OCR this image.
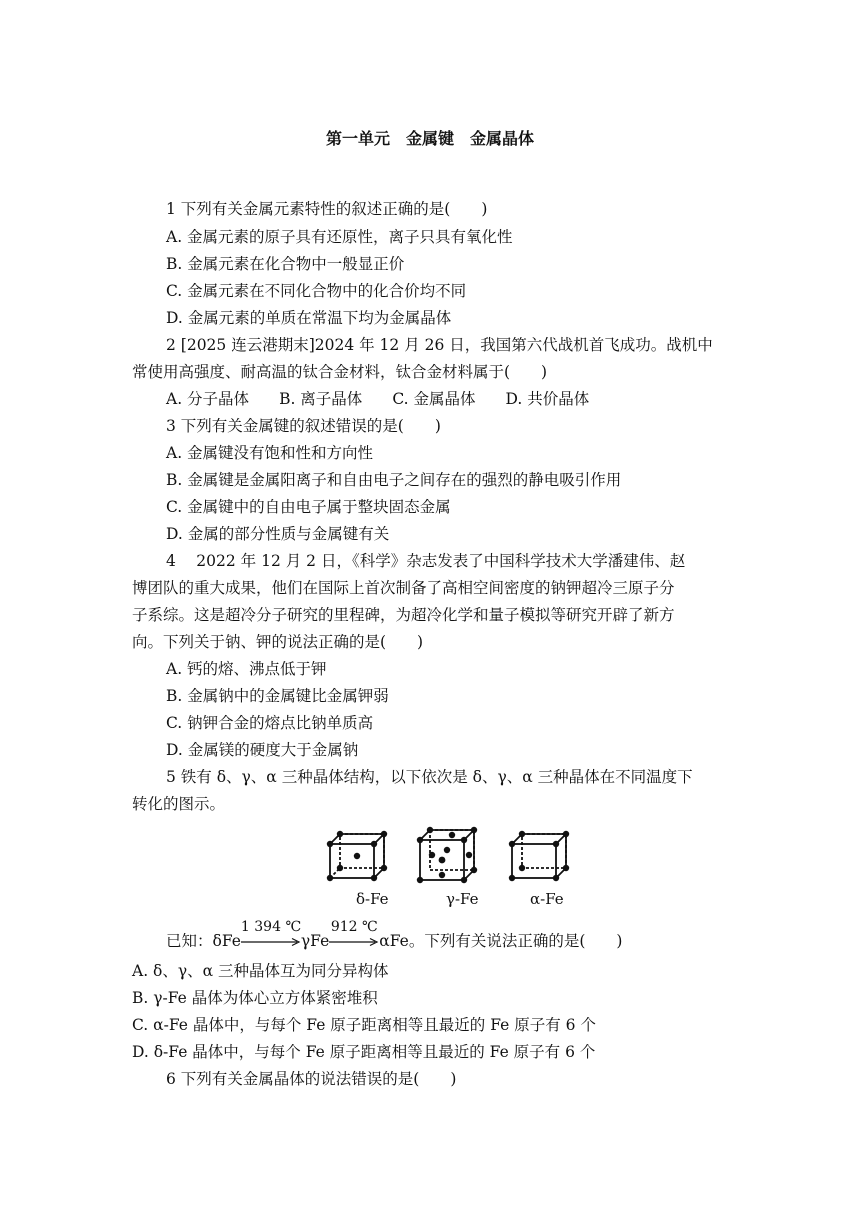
第一单元　金属键　金属晶体
1 下列有关金属元素特性的叙述正确的是(　　)
A. 金属元素的原子具有还原性，离子只具有氧化性
B. 金属元素在化合物中一般显正价
C. 金属元素在不同化合物中的化合价均不同
D. 金属元素的单质在常温下均为金属晶体
2 [2025 连云港期末]2024 年 12 月 26 日，我国第六代战机首飞成功。战机中
常使用高强度、耐高温的钛合金材料，钛合金材料属于(　　)
A. 分子晶体 B. 离子晶体 C. 金属晶体 D. 共价晶体
3 下列有关金属键的叙述错误的是(　　)
A. 金属键没有饱和性和方向性
B. 金属键是金属阳离子和自由电子之间存在的强烈的静电吸引作用
C. 金属键中的自由电子属于整块固态金属
D. 金属的部分性质与金属键有关
4　 2022 年 12 月 2 日，《科学》杂志发表了中国科学技术大学潘建伟、赵
博团队的重大成果，他们在国际上首次制备了高相空间密度的钠钾超冷三原子分
子系综。这是超冷分子研究的里程碑，为超冷化学和量子模拟等研究开辟了新方
向。下列关于钠、钾的说法正确的是(　　)
A. 钙的熔、沸点低于钾
B. 金属钠中的金属键比金属钾弱
C. 钠钾合金的熔点比钠单质高
D. 金属镁的硬度大于金属钠
5 铁有 δ、γ、α 三种晶体结构，以下依次是 δ、γ、α 三种晶体在不同温度下
转化的图示。
δ-Fe	γ-Fe	α-Fe
已知：δFe
1 394 ℃
γFe
912 ℃
αFe。下列有关说法正确的是(　　)
A. δ、γ、α 三种晶体互为同分异构体
B. γ-Fe 晶体为体心立方体紧密堆积
C. α-Fe 晶体中，与每个 Fe 原子距离相等且最近的 Fe 原子有 6 个
D. δ-Fe 晶体中，与每个 Fe 原子距离相等且最近的 Fe 原子有 6 个
6 下列有关金属晶体的说法错误的是(　　)
